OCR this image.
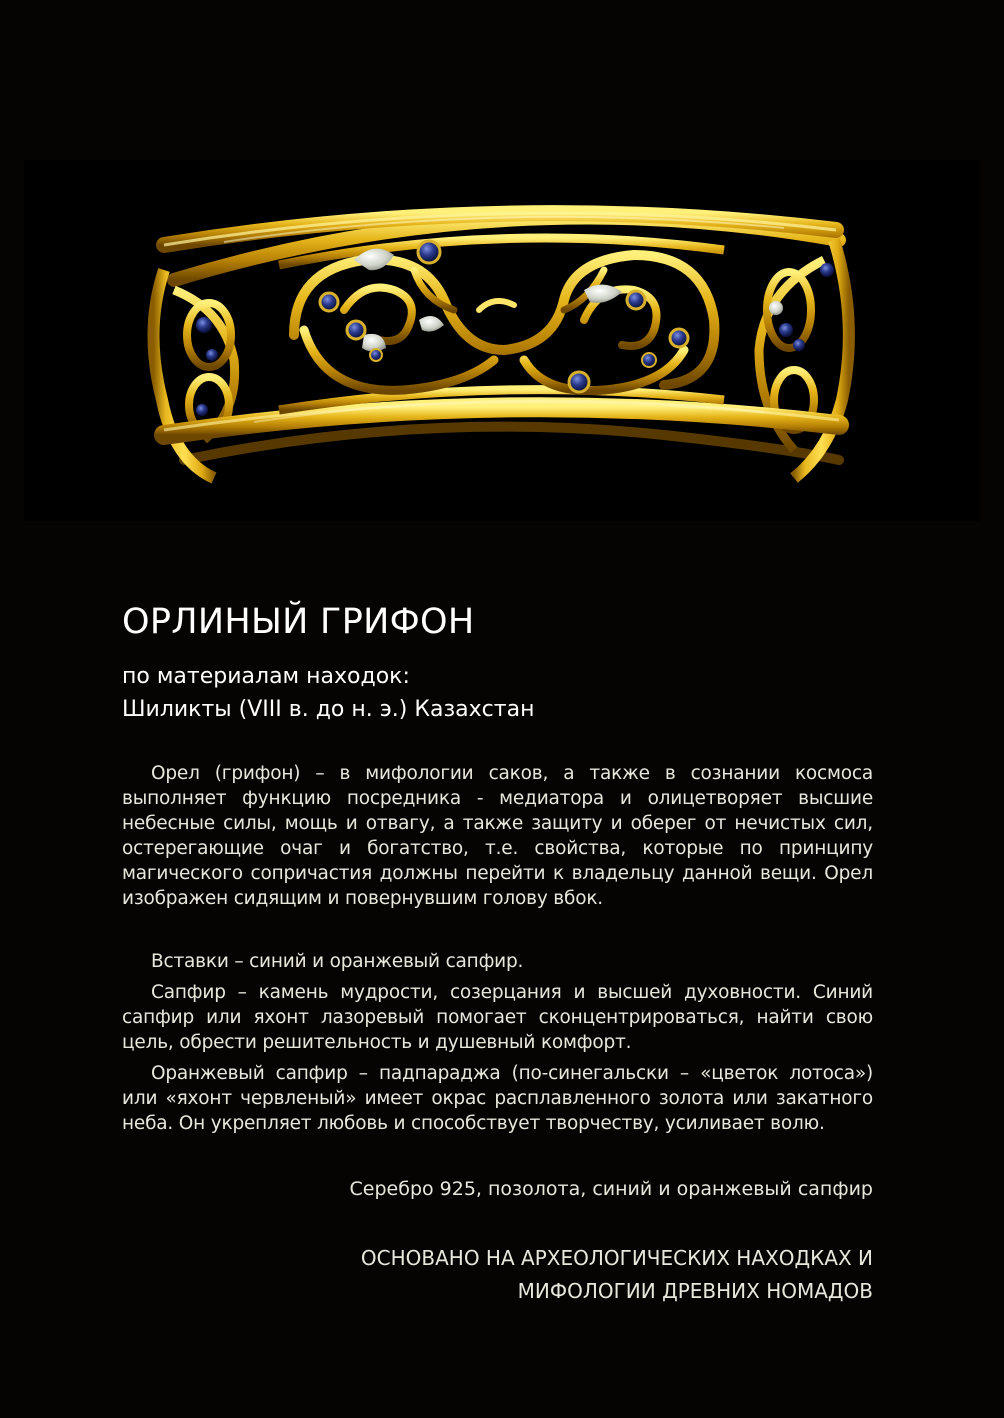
ОРЛИНЫЙ ГРИФОН
по материалам находок:
Шиликты (VIII в. до н. э.) Казахстан

Орел (грифон) – в мифологии саков, а также в сознании космоса выполняет функцию посредника - медиатора и олицетворяет высшие небесные силы, мощь и отвагу, а также защиту и оберег от нечистых сил, остерегающие очаг и богатство, т.е. свойства, которые по принципу магического сопричастия должны перейти к владельцу данной вещи. Орел изображен сидящим и повернувшим голову вбок.

Вставки – синий и оранжевый сапфир.

Сапфир – камень мудрости, созерцания и высшей духовности. Синий сапфир или яхонт лазоревый помогает сконцентрироваться, найти свою цель, обрести решительность и душевный комфорт.

Оранжевый сапфир – падпараджа (по-синегальски – «цветок лотоса») или «яхонт червленый» имеет окрас расплавленного золота или закатного неба. Он укрепляет любовь и способствует творчеству, усиливает волю.

Серебро 925, позолота, синий и оранжевый сапфир

ОСНОВАНО НА АРХЕОЛОГИЧЕСКИХ НАХОДКАХ И
МИФОЛОГИИ ДРЕВНИХ НОМАДОВ
